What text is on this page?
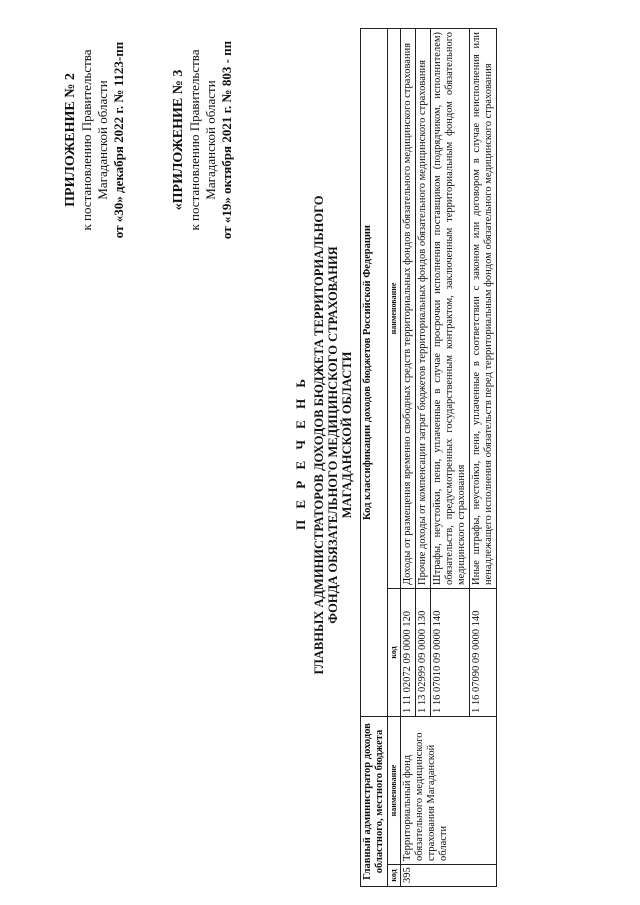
ПРИЛОЖЕНИЕ № 2 к постановлению Правительства Магаданской области от «30» декабря 2022 г. № 1123-пп	«ПРИЛОЖЕНИЕ № 3 к постановлению Правительства Магаданской области от «19» октября 2021 г. № 803 - пп
П Е Р Е Ч Е Н Ь ГЛАВНЫХ АДМИНИСТРАТОРОВ ДОХОДОВ БЮДЖЕТА ТЕРРИТОРИАЛЬНОГО ФОНДА ОБЯЗАТЕЛЬНОГО МЕДИЦИНСКОГО СТРАХОВАНИЯ МАГАДАНСКОЙ ОБЛАСТИ
Главный администратор доходов областного, местного бюджета		Код классификации доходов бюджетов Российской Федерации	
код	наименование	код	наименование
395	Территориальный фонд обязательного медицинского страхования Магаданской области	1 11 02072 09 0000 120	Доходы от размещения временно свободных средств территориальных фондов обязательного медицинского страхования
		1 13 02999 09 0000 130	Прочие доходы от компенсации затрат бюджетов территориальных фондов обязательного медицинского страхования
		1 16 07010 09 0000 140	Штрафы, неустойки, пени, уплаченные в случае просрочки исполнения поставщиком (подрядчиком, исполнителем) обязательств, предусмотренных государственным контрактом, заключенным территориальным фондом обязательного медицинского страхования
		1 16 07090 09 0000 140	Иные штрафы, неустойки, пени, уплаченные в соответствии с законом или договором в случае неисполнения или ненадлежащего исполнения обязательств перед территориальным фондом обязательного медицинского страхования
